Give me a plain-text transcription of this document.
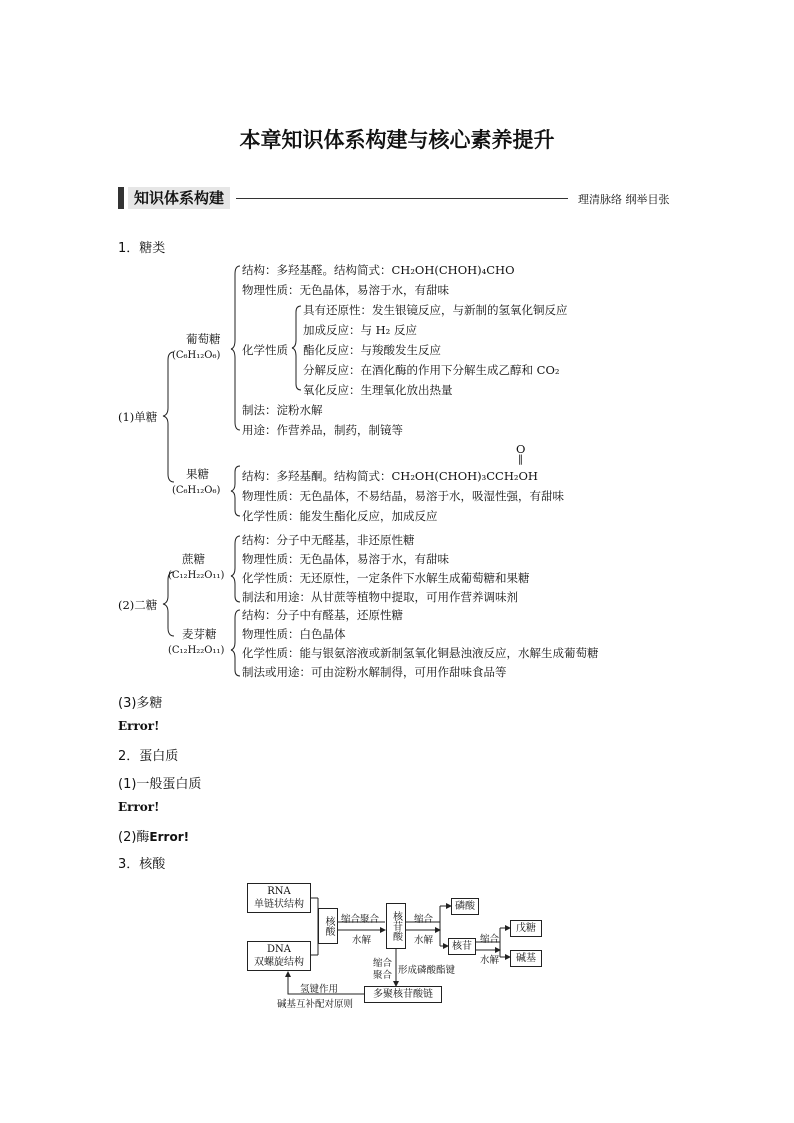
本章知识体系构建与核心素养提升
知识体系构建	理清脉络 纲举目张
1．糖类
(1)单糖
葡萄糖
(C₆H₁₂O₆)
结构：多羟基醛。结构简式：CH₂OH(CHOH)₄CHO
物理性质：无色晶体，易溶于水，有甜味
化学性质
具有还原性：发生银镜反应，与新制的氢氧化铜反应
加成反应：与 H₂ 反应
酯化反应：与羧酸发生反应
分解反应：在酒化酶的作用下分解生成乙醇和 CO₂
氧化反应：生理氧化放出热量
制法：淀粉水解
用途：作营养品，制药，制镜等
果糖
(C₆H₁₂O₆)
O
‖
结构：多羟基酮。结构简式：CH₂OH(CHOH)₃CCH₂OH
物理性质：无色晶体，不易结晶，易溶于水，吸湿性强，有甜味
化学性质：能发生酯化反应，加成反应
(2)二糖
蔗糖
(C₁₂H₂₂O₁₁)
结构：分子中无醛基，非还原性糖
物理性质：无色晶体，易溶于水，有甜味
化学性质：无还原性，一定条件下水解生成葡萄糖和果糖
制法和用途：从甘蔗等植物中提取，可用作营养调味剂
麦芽糖
(C₁₂H₂₂O₁₁)
结构：分子中有醛基，还原性糖
物理性质：白色晶体
化学性质：能与银氨溶液或新制氢氧化铜悬浊液反应，水解生成葡萄糖
制法或用途：可由淀粉水解制得，可用作甜味食品等
(3)多糖
Error!
2．蛋白质
(1)一般蛋白质
Error!
(2)酶Error!
3．核酸
RNA
单链状结构
DNA
双螺旋结构
核酸	核苷酸
磷酸
核苷
戊糖
碱基
多聚核苷酸链
缩合聚合
水解
缩合
水解	缩合
水解
缩合
聚合 形成磷酸酯键
氢键作用
碱基互补配对原则
